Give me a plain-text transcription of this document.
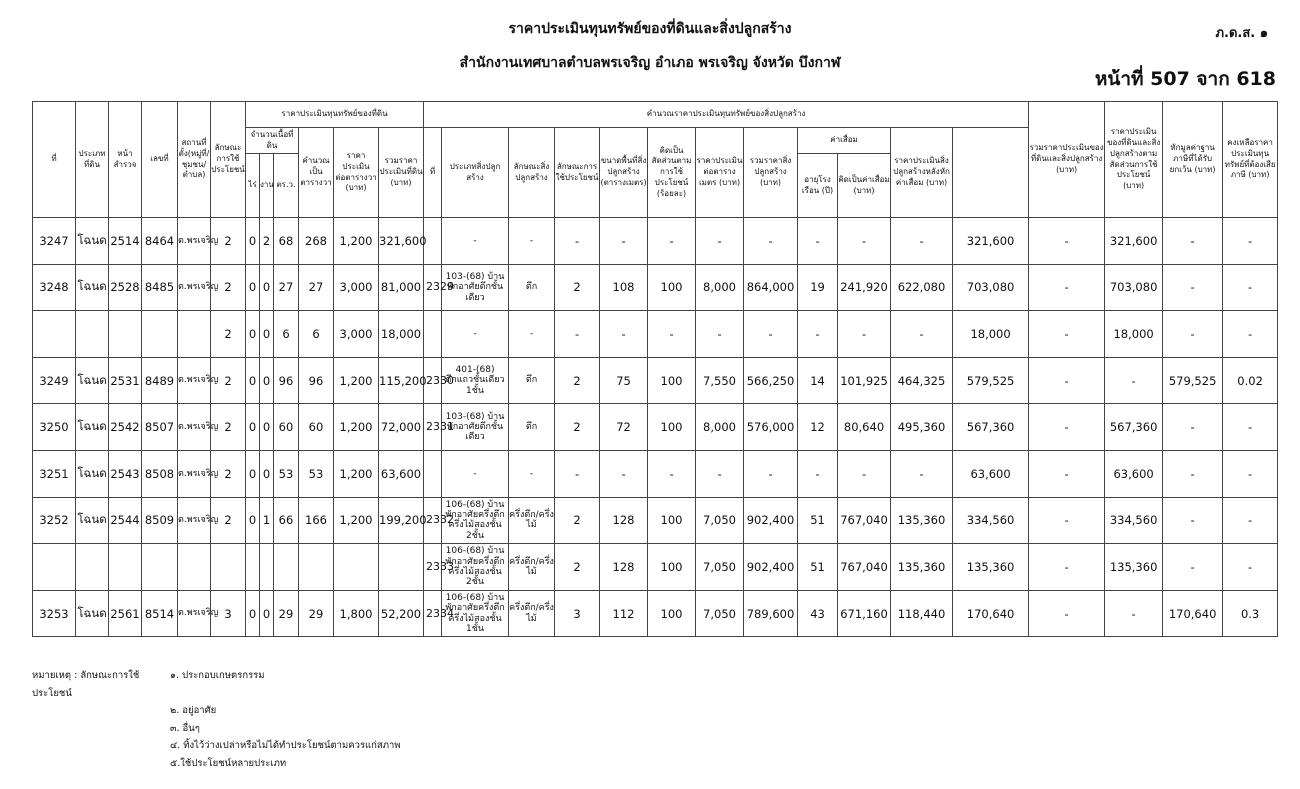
ราคาประเมินทุนทรัพย์ของที่ดินและสิ่งปลูกสร้าง
สำนักงานเทศบาลตำบลพรเจริญ อำเภอ พรเจริญ จังหวัด บึงกาฬ
ภ.ด.ส. ๑
หน้าที่ 507 จาก 618
ที่	ประเภทที่ดิน	หน้าสำรวจ	เลขที่	สถานที่ตั้ง(หมู่ที่/ชุมชน/ตำบล)	ลักษณะการใช้ประโยชน์	ราคาประเมินทุนทรัพย์ของที่ดิน						คำนวณราคาประเมินทุนทรัพย์ของสิ่งปลูกสร้าง												รวมราคาประเมินของที่ดินและสิ่งปลูกสร้าง (บาท)	ราคาประเมินของที่ดินและสิ่งปลูกสร้างตามสัดส่วนการใช้ประโยชน์ (บาท)	หักมูลค่าฐานภาษีที่ได้รับยกเว้น (บาท)	คงเหลือราคาประเมินทุนทรัพย์ที่ต้องเสียภาษี (บาท)	
						จำนวนเนื้อที่ดิน			คำนวณเป็นตารางวา	ราคาประเมินต่อตารางวา (บาท)	รวมราคาประเมินที่ดิน (บาท)	ที่	ประเภทสิ่งปลูกสร้าง	ลักษณะสิ่งปลูกสร้าง	ลักษณะการใช้ประโยชน์	ขนาดพื้นที่สิ่งปลูกสร้าง (ตารางเมตร)	คิดเป็นสัดส่วนตามการใช้ประโยชน์ (ร้อยละ)	ราคาประเมินต่อตารางเมตร (บาท)	รวมราคาสิ่งปลูกสร้าง (บาท)	ค่าเสื่อม		ราคาประเมินสิ่งปลูกสร้างหลังหักค่าเสื่อม (บาท)						
						ไร่	งาน	ตร.ว.												อายุโรงเรือน (ปี)	คิดเป็นค่าเสื่อม (บาท)							
3247	โฉนด	2514	8464	ต.พรเจริญ	2	0	2	68	268	1,200	321,600		-	-	-	-	-	-	-	-	-	-	321,600	-	321,600	-	-	
3248	โฉนด	2528	8485	ต.พรเจริญ	2	0	0	27	27	3,000	81,000	2329	103-(68) บ้านพักอาศัยตึกชั้นเดียว	ตึก	2	108	100	8,000	864,000	19	241,920	622,080	703,080	-	703,080	-	-	
					2	0	0	6	6	3,000	18,000		-	-	-	-	-	-	-	-	-	-	18,000	-	18,000	-	-	
3249	โฉนด	2531	8489	ต.พรเจริญ	2	0	0	96	96	1,200	115,200	2330	401-(68) ตึกแถวชั้นเดียว 1ชั้น	ตึก	2	75	100	7,550	566,250	14	101,925	464,325	579,525	-	-	579,525	0.02	
3250	โฉนด	2542	8507	ต.พรเจริญ	2	0	0	60	60	1,200	72,000	2331	103-(68) บ้านพักอาศัยตึกชั้นเดียว	ตึก	2	72	100	8,000	576,000	12	80,640	495,360	567,360	-	567,360	-	-	
3251	โฉนด	2543	8508	ต.พรเจริญ	2	0	0	53	53	1,200	63,600		-	-	-	-	-	-	-	-	-	-	63,600	-	63,600	-	-	
3252	โฉนด	2544	8509	ต.พรเจริญ	2	0	1	66	166	1,200	199,200	2332	106-(68) บ้านพักอาศัยครึ่งตึกครึ่งไม้สองชั้น 2ชั้น	ครึ่งตึก/ครึ่งไม้	2	128	100	7,050	902,400	51	767,040	135,360	334,560	-	334,560	-	-	
												2333	106-(68) บ้านพักอาศัยครึ่งตึกครึ่งไม้สองชั้น 2ชั้น	ครึ่งตึก/ครึ่งไม้	2	128	100	7,050	902,400	51	767,040	135,360	135,360	-	135,360	-	-	
3253	โฉนด	2561	8514	ต.พรเจริญ	3	0	0	29	29	1,800	52,200	2334	106-(68) บ้านพักอาศัยครึ่งตึกครึ่งไม้สองชั้น 1ชั้น	ครึ่งตึก/ครึ่งไม้	3	112	100	7,050	789,600	43	671,160	118,440	170,640	-	-	170,640	0.3	
หมายเหตุ : ลักษณะการใช้ประโยชน์
๑. ประกอบเกษตรกรรม
๒. อยู่อาศัย
๓. อื่นๆ
๔. ทิ้งไว้ว่างเปล่าหรือไม่ได้ทำประโยชน์ตามควรแก่สภาพ
๕.ใช้ประโยชน์หลายประเภท
